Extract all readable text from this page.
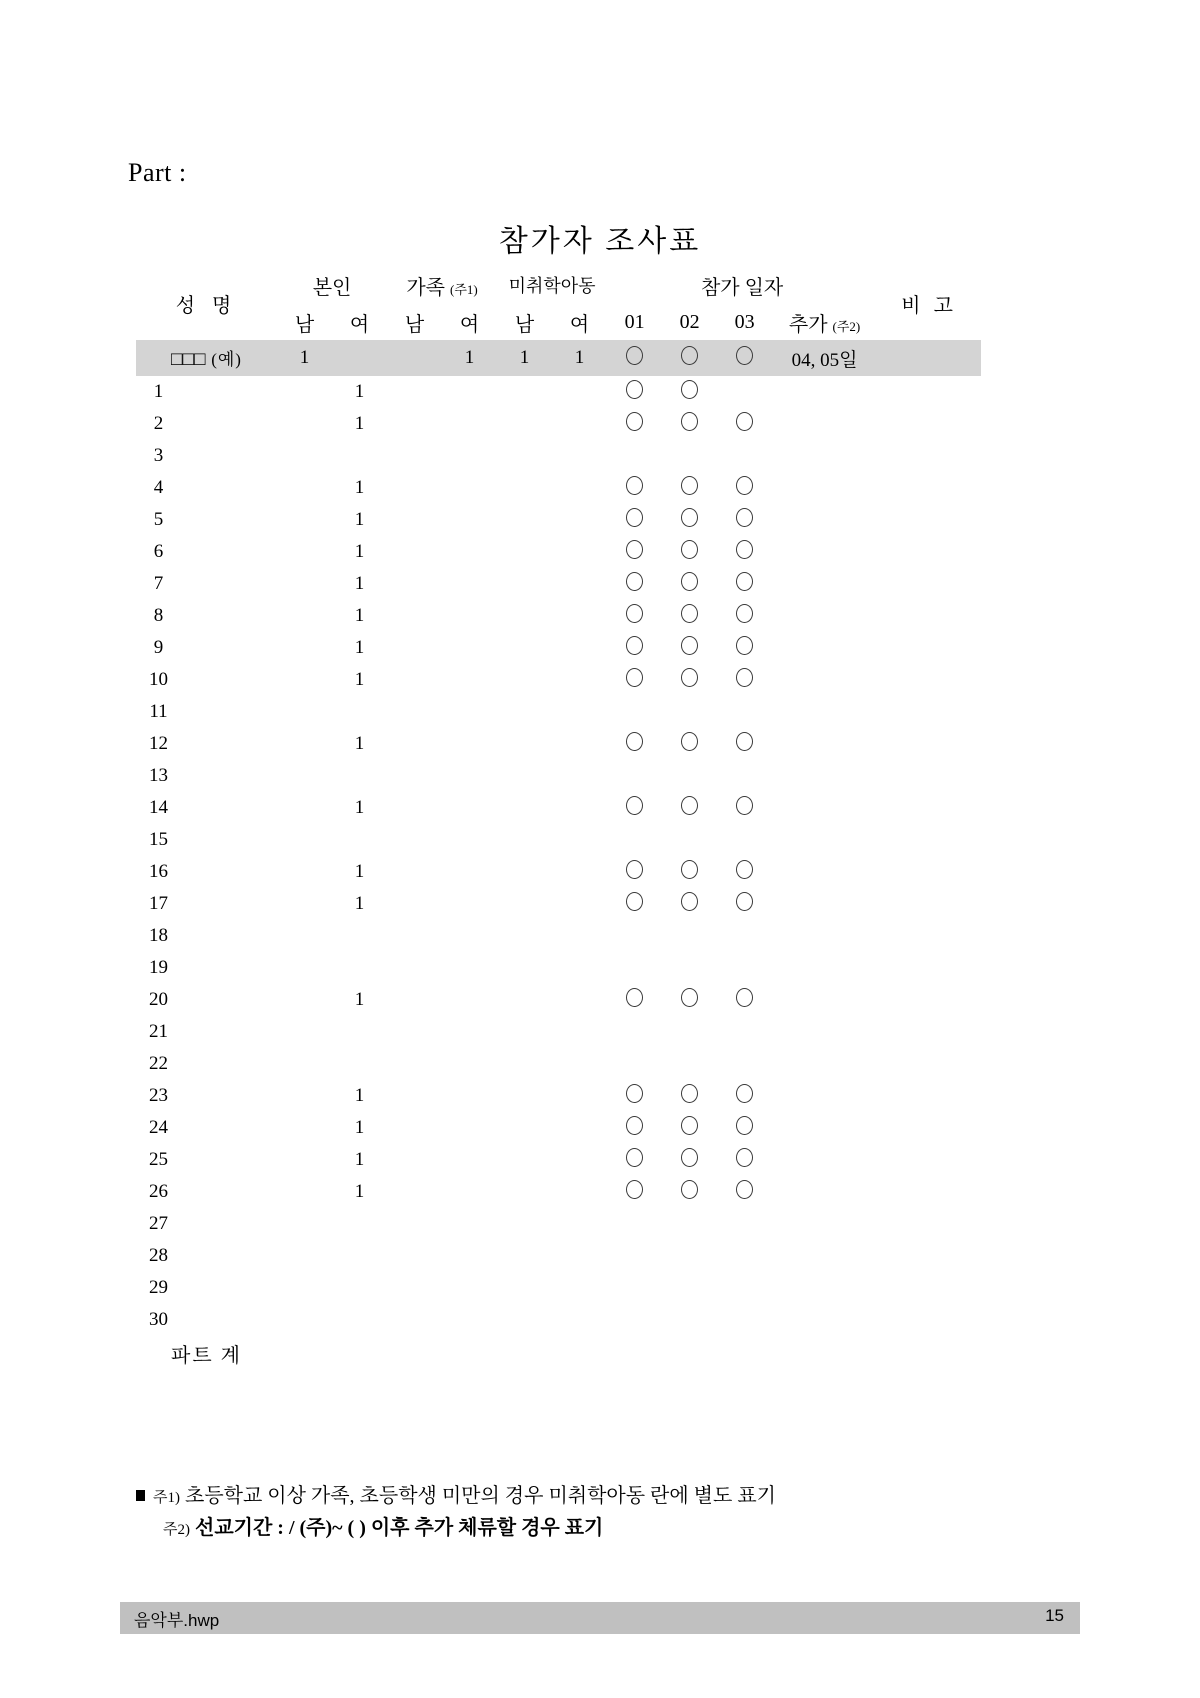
Part :
참가자 조사표
성 명		본인		가족 (주1)		미취학아동		참가 일자				비 고
		남	여	남	여	남	여	01	02	03	추가 (주2)	
□□□ (예)		1			1	1	1				04, 05일	
1			1									
2			1									
3												
4			1									
5			1									
6			1									
7			1									
8			1									
9			1									
10			1									
11												
12			1									
13												
14			1									
15												
16			1									
17			1									
18												
19												
20			1									
21												
22												
23			1									
24			1									
25			1									
26			1									
27												
28												
29												
30												
파트 계											
주1) 초등학교 이상 가족, 초등학생 미만의 경우 미취학아동 란에 별도 표기
주2) 선교기간 : / (주)~ ( ) 이후 추가 체류할 경우 표기
음악부.hwp	15
